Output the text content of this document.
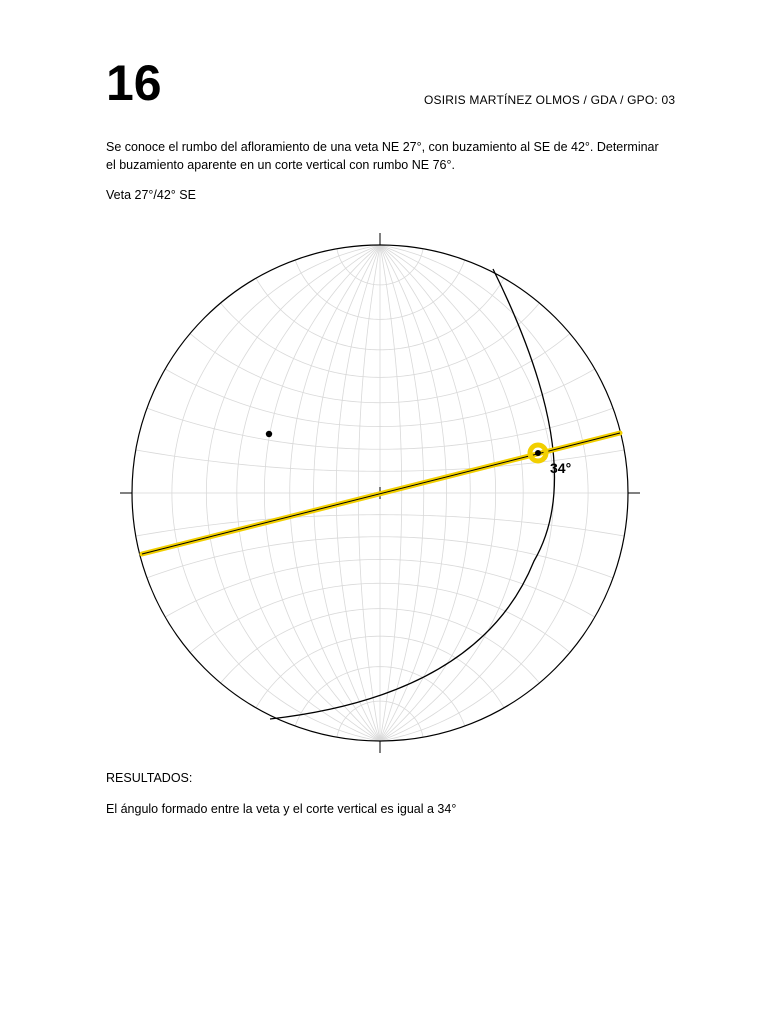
16	OSIRIS MARTÍNEZ OLMOS / GDA / GPO: 03
Se conoce el rumbo del afloramiento de una veta NE 27°, con buzamiento al SE de 42°. Determinar el buzamiento aparente en un corte vertical con rumbo NE 76°.
Veta 27°/42° SE
34°
RESULTADOS:
El ángulo formado entre la veta y el corte vertical es igual a 34°
